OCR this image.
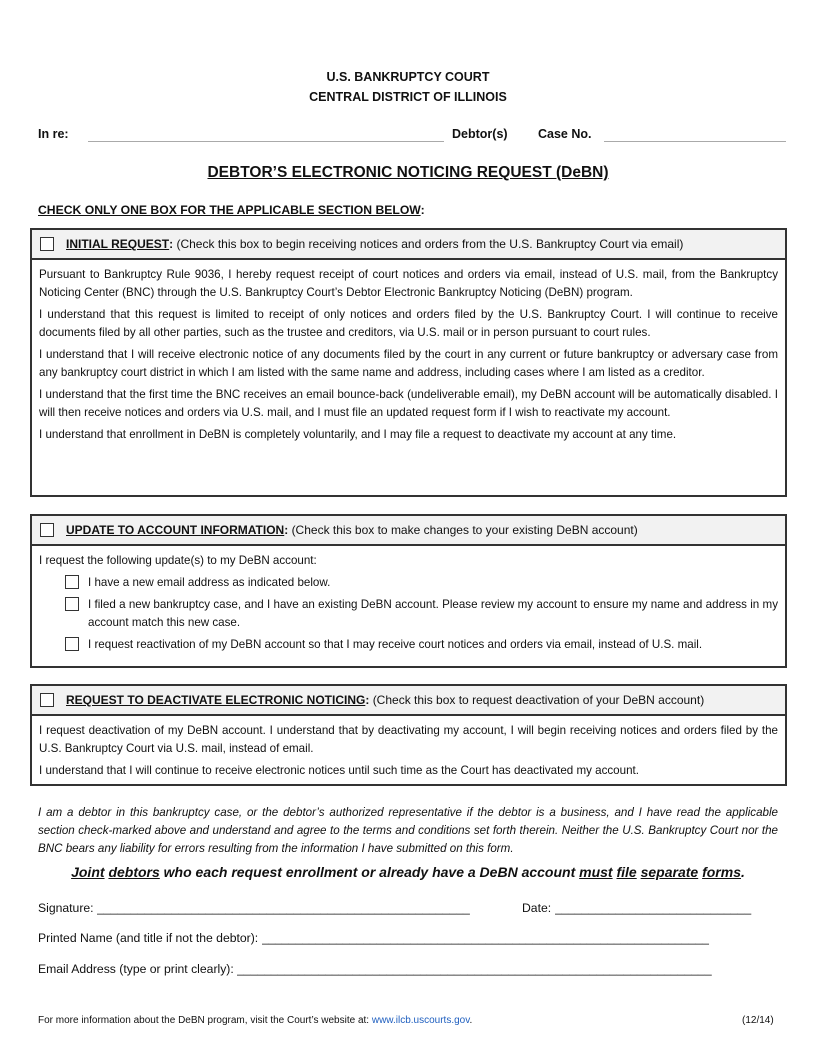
U.S. BANKRUPTCY COURT
CENTRAL DISTRICT OF ILLINOIS
In re:	Debtor(s) Case No.
DEBTOR’S ELECTRONIC NOTICING REQUEST (DeBN)
CHECK ONLY ONE BOX FOR THE APPLICABLE SECTION BELOW:
INITIAL REQUEST : (Check this box to begin receiving notices and orders from the U.S. Bankruptcy Court via email)

Pursuant to Bankruptcy Rule 9036, I hereby request receipt of court notices and orders via email, instead of U.S. mail, from the Bankruptcy Noticing Center (BNC) through the U.S. Bankruptcy Court’s Debtor Electronic Bankruptcy Noticing (DeBN) program.

I understand that this request is limited to receipt of only notices and orders filed by the U.S. Bankruptcy Court. I will continue to receive documents filed by all other parties, such as the trustee and creditors, via U.S. mail or in person pursuant to court rules.

I understand that I will receive electronic notice of any documents filed by the court in any current or future bankruptcy or adversary case from any bankruptcy court district in which I am listed with the same name and address, including cases where I am listed as a creditor.

I understand that the first time the BNC receives an email bounce-back (undeliverable email), my DeBN account will be automatically disabled. I will then receive notices and orders via U.S. mail, and I must file an updated request form if I wish to reactivate my account.

I understand that enrollment in DeBN is completely voluntarily, and I may file a request to deactivate my account at any time.

UPDATE TO ACCOUNT INFORMATION : (Check this box to make changes to your existing DeBN account)

I request the following update(s) to my DeBN account:

I have a new email address as indicated below.
I filed a new bankruptcy case, and I have an existing DeBN account. Please review my account to ensure my name and address in my account match this new case.
I request reactivation of my DeBN account so that I may receive court notices and orders via email, instead of U.S. mail.
REQUEST TO DEACTIVATE ELECTRONIC NOTICING : (Check this box to request deactivation of your DeBN account)

I request deactivation of my DeBN account. I understand that by deactivating my account, I will begin receiving notices and orders filed by the U.S. Bankruptcy Court via U.S. mail, instead of email.

I understand that I will continue to receive electronic notices until such time as the Court has deactivated my account.

I am a debtor in this bankruptcy case, or the debtor’s authorized representative if the debtor is a business, and I have read the applicable section check-marked above and understand and agree to the terms and conditions set forth therein. Neither the U.S. Bankruptcy Court nor the BNC bears any liability for errors resulting from the information I have submitted on this form.
Joint debtors who each request enrollment or already have a DeBN account must file separate forms.
Signature: _______________________________________________________	Date: _____________________________
Printed Name (and title if not the debtor): __________________________________________________________________
Email Address (type or print clearly): ______________________________________________________________________
For more information about the DeBN program, visit the Court’s website at: www.ilcb.uscourts.gov.	(12/14)
